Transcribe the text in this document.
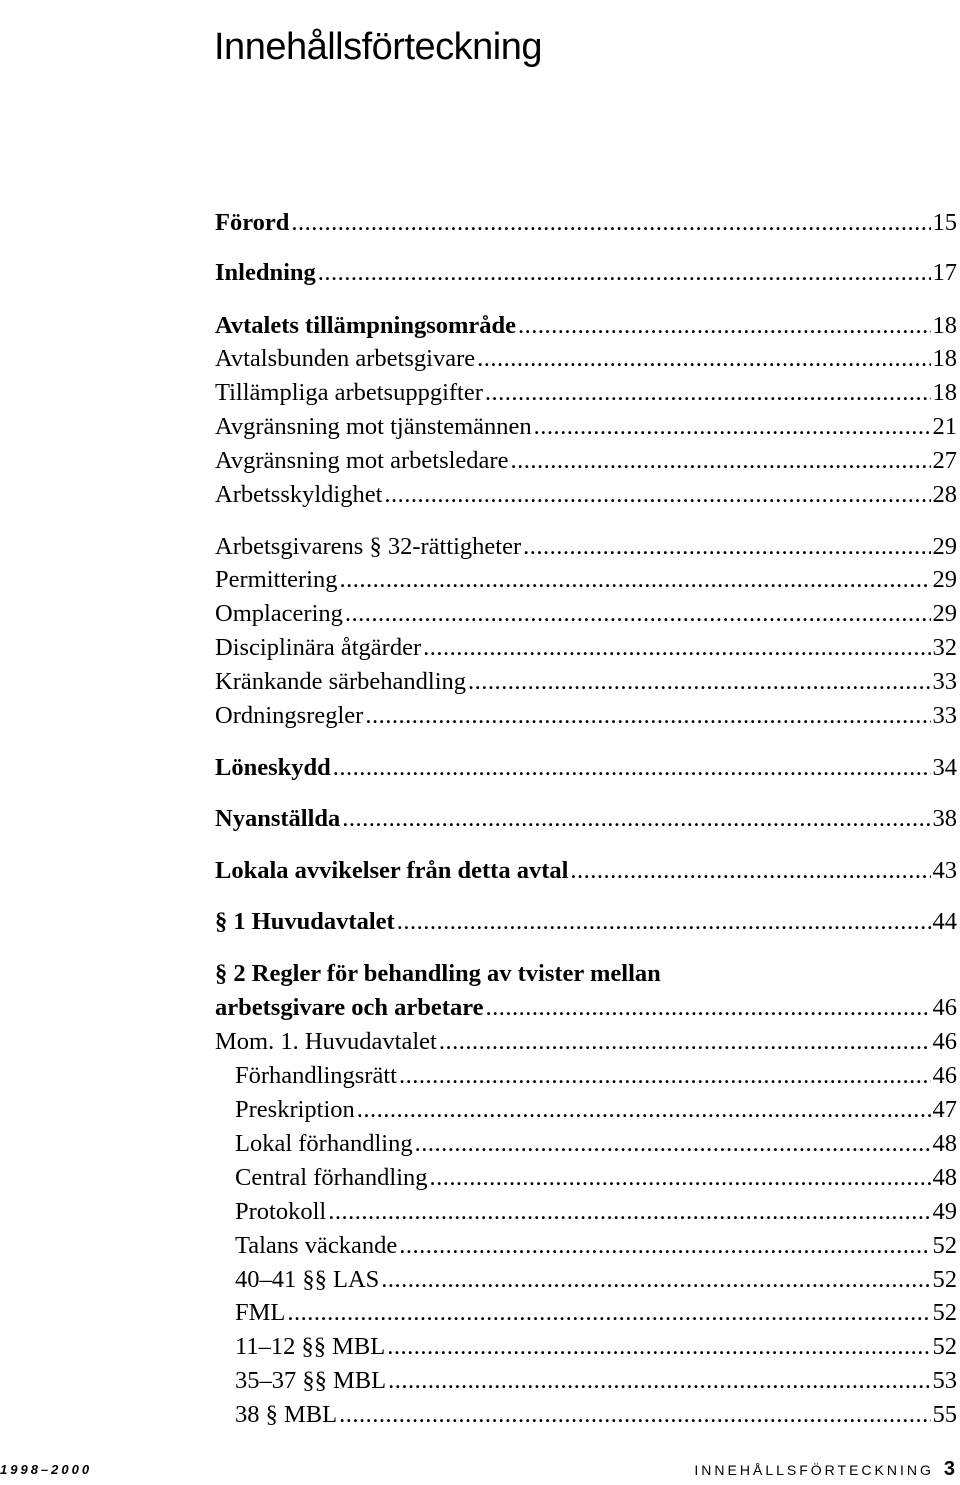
Innehållsförteckning
Förord .....	15
Inledning .....	17
Avtalets tillämpningsområde .....	18
Avtalsbunden arbetsgivare .....	18
Tillämpliga arbetsuppgifter .....	18
Avgränsning mot tjänstemännen .....	21
Avgränsning mot arbetsledare .....	27
Arbetsskyldighet .....	28
Arbetsgivarens § 32-rättigheter .....	29
Permittering .....	29
Omplacering .....	29
Disciplinära åtgärder .....	32
Kränkande särbehandling .....	33
Ordningsregler .....	33
Löneskydd .....	34
Nyanställda .....	38
Lokala avvikelser från detta avtal .....	43
§ 1 Huvudavtalet .....	44
§ 2 Regler för behandling av tvister mellan
arbetsgivare och arbetare .....	46
Mom. 1. Huvudavtalet .....	46
Förhandlingsrätt .....	46
Preskription .....	47
Lokal förhandling .....	48
Central förhandling .....	48
Protokoll .....	49
Talans väckande .....	52
40–41 §§ LAS .....	52
FML .....	52
11–12 §§ MBL .....	52
35–37 §§ MBL .....	53
38 § MBL .....	55
1998–2000	INNEHÅLLSFÖRTECKNING 3
